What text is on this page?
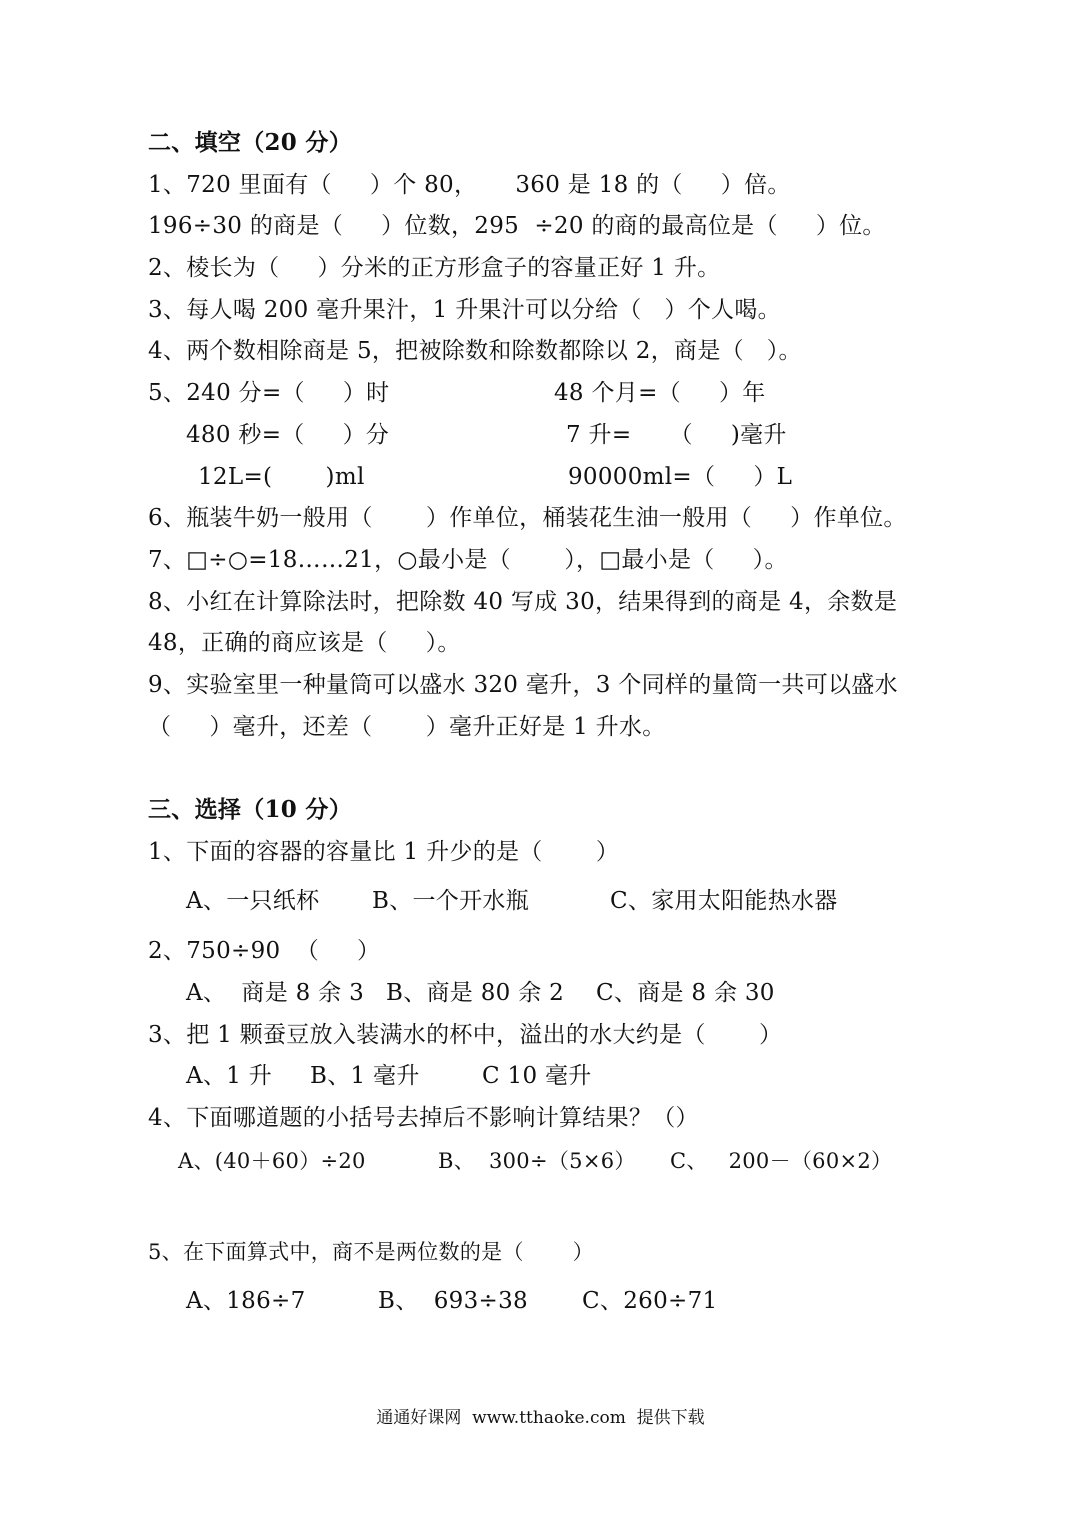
二、填空（20 分）
1、720 里面有（     ）个 80，     360 是 18 的（     ）倍。
196÷30 的商是（     ）位数，295  ÷20 的商的最高位是（     ）位。
2、棱长为（     ）分米的正方形盒子的容量正好 1 升。
3、每人喝 200 毫升果汁，1 升果汁可以分给（   ）个人喝。
4、两个数相除商是 5，把被除数和除数都除以 2，商是（   ）。
5、240 分=（     ）时	48 个月=（     ）年
480 秒=（     ）分	7 升=     （     )毫升
12L=(       )ml	90000ml=（     ）L
6、瓶装牛奶一般用（       ）作单位，桶装花生油一般用（     ）作单位。
7、□÷○=18……21，○最小是（       ），□最小是（     ）。
8、小红在计算除法时，把除数 40 写成 30，结果得到的商是 4，余数是
48，正确的商应该是（     ）。
9、实验室里一种量筒可以盛水 320 毫升，3 个同样的量筒一共可以盛水
（     ）毫升，还差（       ）毫升正好是 1 升水。
三、选择（10 分）
1、下面的容器的容量比 1 升少的是（       ）
A、一只纸杯 B、一个开水瓶	C、家用太阳能热水器
2、750÷90  （     ）
A、  商是 8 余 3 B、商是 80 余 2 C、商是 8 余 30
3、把 1 颗蚕豆放入装满水的杯中，溢出的水大约是（       ）
A、1 升 B、1 毫升	C 10 毫升
4、下面哪道题的小括号去掉后不影响计算结果？（）
A、(40＋60）÷20	B、  300÷（5×6） C、   200－（60×2）
5、在下面算式中，商不是两位数的是（       ）
A、186÷7	B、  693÷38 C、260÷71
通通好课网  www.tthaoke.com  提供下载
